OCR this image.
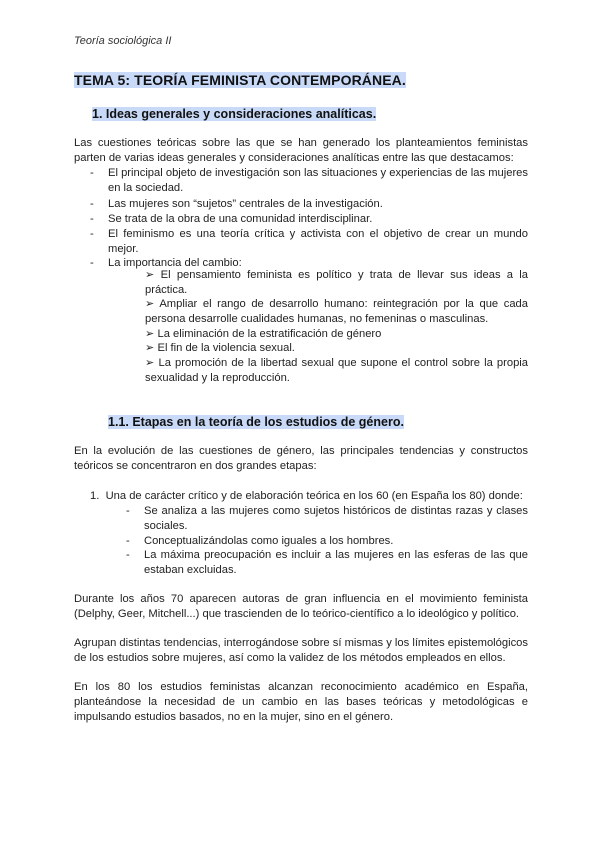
Teoría sociológica II
TEMA 5: TEORÍA FEMINISTA CONTEMPORÁNEA.
1. Ideas generales y consideraciones analíticas.
Las cuestiones teóricas sobre las que se han generado los planteamientos feministas parten de varias ideas generales y consideraciones analíticas entre las que destacamos:
- El principal objeto de investigación son las situaciones y experiencias de las mujeres en la sociedad.
- Las mujeres son “sujetos” centrales de la investigación.
- Se trata de la obra de una comunidad interdisciplinar.
- El feminismo es una teoría crítica y activista con el objetivo de crear un mundo mejor.
- La importancia del cambio:
➢ El pensamiento feminista es político y trata de llevar sus ideas a la práctica.
➢ Ampliar el rango de desarrollo humano: reintegración por la que cada persona desarrolle cualidades humanas, no femeninas o masculinas.
➢ La eliminación de la estratificación de género
➢ El fin de la violencia sexual.
➢ La promoción de la libertad sexual que supone el control sobre la propia sexualidad y la reproducción.
1.1. Etapas en la teoría de los estudios de género.
En la evolución de las cuestiones de género, las principales tendencias y constructos teóricos se concentraron en dos grandes etapas:
1. Una de carácter crítico y de elaboración teórica en los 60 (en España los 80) donde:
- Se analiza a las mujeres como sujetos históricos de distintas razas y clases sociales.
- Conceptualizándolas como iguales a los hombres.
- La máxima preocupación es incluir a las mujeres en las esferas de las que estaban excluidas.
Durante los años 70 aparecen autoras de gran influencia en el movimiento feminista (Delphy, Geer, Mitchell...) que trascienden de lo teórico-científico a lo ideológico y político.
Agrupan distintas tendencias, interrogándose sobre sí mismas y los límites epistemológicos de los estudios sobre mujeres, así como la validez de los métodos empleados en ellos.
En los 80 los estudios feministas alcanzan reconocimiento académico en España, planteándose la necesidad de un cambio en las bases teóricas y metodológicas e impulsando estudios basados, no en la mujer, sino en el género.
